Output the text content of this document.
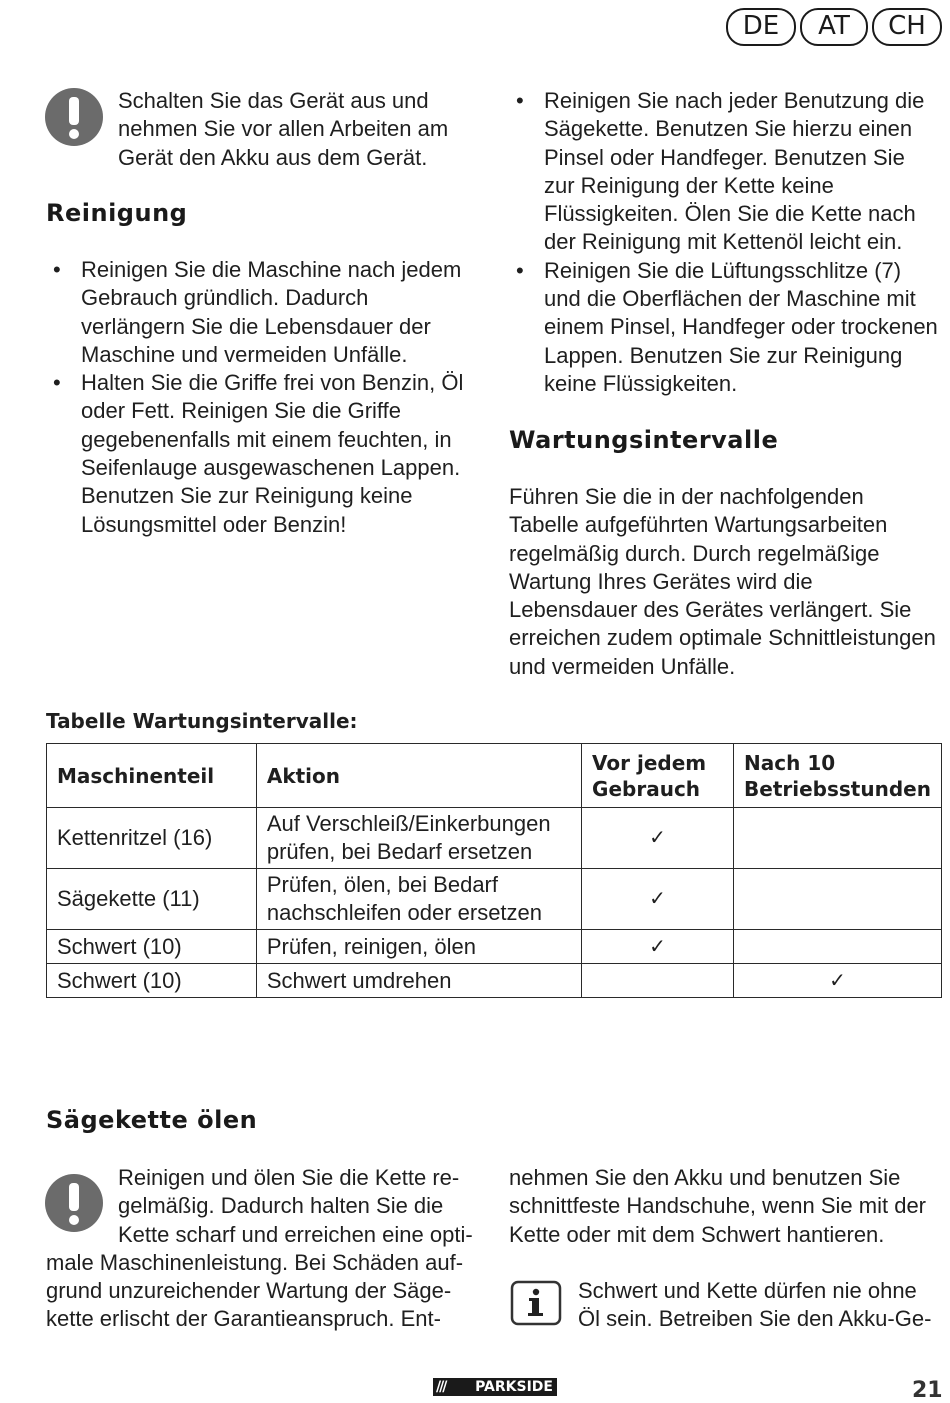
DE	AT	CH
Schalten Sie das Gerät aus und nehmen Sie vor allen Arbeiten am Gerät den Akku aus dem Gerät.
Reinigung
• Reinigen Sie die Maschine nach jedem Gebrauch gründlich. Dadurch verlängern Sie die Lebensdauer der Maschine und vermeiden Unfälle.
• Halten Sie die Griffe frei von Benzin, Öl oder Fett. Reinigen Sie die Griffe gegebenenfalls mit einem feuchten, in Seifenlauge ausgewaschenen Lappen. Benutzen Sie zur Reinigung keine Lösungsmittel oder Benzin!
• Reinigen Sie nach jeder Benutzung die Sägekette. Benutzen Sie hierzu einen Pinsel oder Handfeger. Benutzen Sie zur Reinigung der Kette keine Flüssigkeiten. Ölen Sie die Kette nach der Reinigung mit Kettenöl leicht ein.
• Reinigen Sie die Lüftungsschlitze (7) und die Oberflächen der Maschine mit einem Pinsel, Handfeger oder trockenen Lappen. Benutzen Sie zur Reinigung keine Flüssigkeiten.
Wartungsintervalle
Führen Sie die in der nachfolgenden Tabelle aufgeführten Wartungsarbeiten regelmäßig durch. Durch regelmäßige Wartung Ihres Gerätes wird die Lebensdauer des Gerätes verlängert. Sie erreichen zudem optimale Schnittleistungen und vermeiden Unfälle.
Tabelle Wartungsintervalle:
Maschinenteil	Aktion	Vor jedem Gebrauch	Nach 10 Betriebsstunden
Kettenritzel (16)	Auf Verschleiß/Einkerbungen prüfen, bei Bedarf ersetzen	✓	
Sägekette (11)	Prüfen, ölen, bei Bedarf nachschleifen oder ersetzen	✓	
Schwert (10)	Prüfen, reinigen, ölen	✓	
Schwert (10)	Schwert umdrehen		✓
Sägekette ölen
Reinigen und ölen Sie die Kette re-
gelmäßig. Dadurch halten Sie die
Kette scharf und erreichen eine opti-
male Maschinenleistung. Bei Schäden auf-
grund unzureichender Wartung der Säge-
kette erlischt der Garantieanspruch. Ent-
nehmen Sie den Akku und benutzen Sie
schnittfeste Handschuhe, wenn Sie mit der
Kette oder mit dem Schwert hantieren.
Schwert und Kette dürfen nie ohne
Öl sein. Betreiben Sie den Akku-Ge-
/// PARKSIDE	21
